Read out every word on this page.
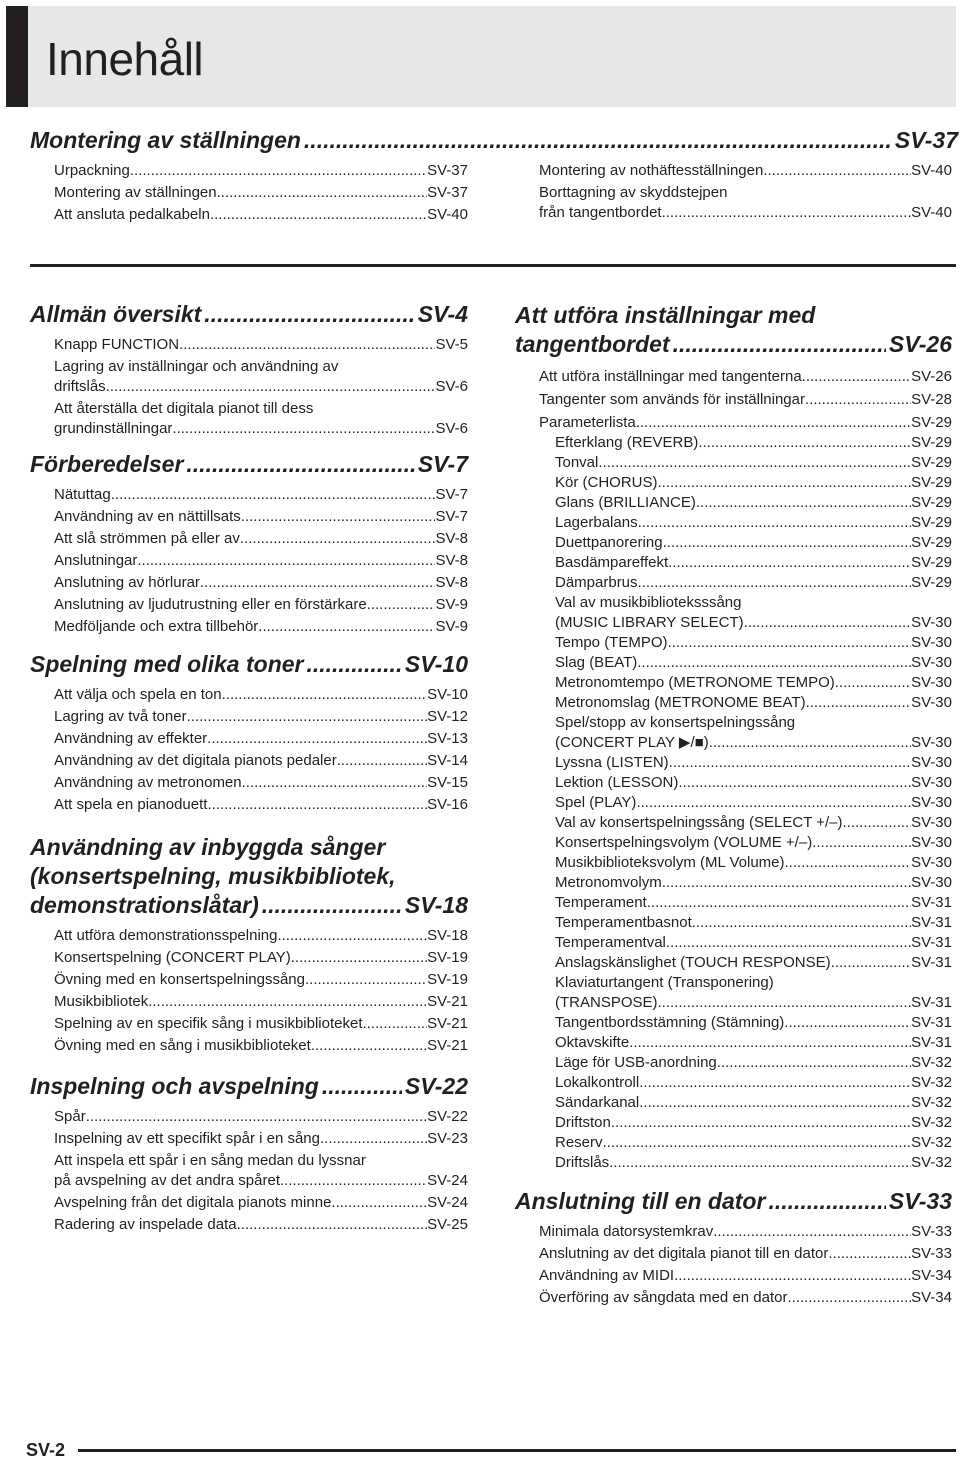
Innehåll
Montering av ställningen .....	SV-37
Urpackning .....	SV-37
Montering av ställningen .....	SV-37
Att ansluta pedalkabeln .....	SV-40
Montering av nothäftesställningen .....	SV-40
Borttagning av skyddstejpen
från tangentbordet .....	SV-40
Allmän översikt .....	SV-4
Knapp FUNCTION .....	SV-5
Lagring av inställningar och användning av
driftslås .....	SV-6
Att återställa det digitala pianot till dess
grundinställningar .....	SV-6
Förberedelser .....	SV-7
Nätuttag .....	SV-7
Användning av en nättillsats .....	SV-7
Att slå strömmen på eller av .....	SV-8
Anslutningar .....	SV-8
Anslutning av hörlurar .....	SV-8
Anslutning av ljudutrustning eller en förstärkare .....	SV-9
Medföljande och extra tillbehör .....	SV-9
Spelning med olika toner .....	SV-10
Att välja och spela en ton .....	SV-10
Lagring av två toner .....	SV-12
Användning av effekter .....	SV-13
Användning av det digitala pianots pedaler .....	SV-14
Användning av metronomen .....	SV-15
Att spela en pianoduett .....	SV-16
Användning av inbyggda sånger
(konsertspelning, musikbibliotek,
demonstrationslåtar) .....	SV-18
Att utföra demonstrationsspelning .....	SV-18
Konsertspelning (CONCERT PLAY) .....	SV-19
Övning med en konsertspelningssång .....	SV-19
Musikbibliotek .....	SV-21
Spelning av en specifik sång i musikbiblioteket .....	SV-21
Övning med en sång i musikbiblioteket .....	SV-21
Inspelning och avspelning .....	SV-22
Spår .....	SV-22
Inspelning av ett specifikt spår i en sång .....	SV-23
Att inspela ett spår i en sång medan du lyssnar
på avspelning av det andra spåret .....	SV-24
Avspelning från det digitala pianots minne .....	SV-24
Radering av inspelade data .....	SV-25
Att utföra inställningar med
tangentbordet .....	SV-26
Att utföra inställningar med tangenterna .....	SV-26
Tangenter som används för inställningar .....	SV-28
Parameterlista .....	SV-29
Efterklang (REVERB) .....	SV-29
Tonval .....	SV-29
Kör (CHORUS) .....	SV-29
Glans (BRILLIANCE) .....	SV-29
Lagerbalans .....	SV-29
Duettpanorering .....	SV-29
Basdämpareffekt .....	SV-29
Dämparbrus .....	SV-29
Val av musikbiblioteksssång
(MUSIC LIBRARY SELECT) .....	SV-30
Tempo (TEMPO) .....	SV-30
Slag (BEAT) .....	SV-30
Metronomtempo (METRONOME TEMPO) .....	SV-30
Metronomslag (METRONOME BEAT) .....	SV-30
Spel/stopp av konsertspelningssång
(CONCERT PLAY ▶/■) .....	SV-30
Lyssna (LISTEN) .....	SV-30
Lektion (LESSON) .....	SV-30
Spel (PLAY) .....	SV-30
Val av konsertspelningssång (SELECT +/–) .....	SV-30
Konsertspelningsvolym (VOLUME +/–) .....	SV-30
Musikbiblioteksvolym (ML Volume) .....	SV-30
Metronomvolym .....	SV-30
Temperament .....	SV-31
Temperamentbasnot .....	SV-31
Temperamentval .....	SV-31
Anslagskänslighet (TOUCH RESPONSE) .....	SV-31
Klaviaturtangent (Transponering)
(TRANSPOSE) .....	SV-31
Tangentbordsstämning (Stämning) .....	SV-31
Oktavskifte .....	SV-31
Läge för USB-anordning .....	SV-32
Lokalkontroll .....	SV-32
Sändarkanal .....	SV-32
Driftston .....	SV-32
Reserv .....	SV-32
Driftslås .....	SV-32
Anslutning till en dator .....	SV-33
Minimala datorsystemkrav .....	SV-33
Anslutning av det digitala pianot till en dator .....	SV-33
Användning av MIDI .....	SV-34
Överföring av sångdata med en dator .....	SV-34
SV-2
